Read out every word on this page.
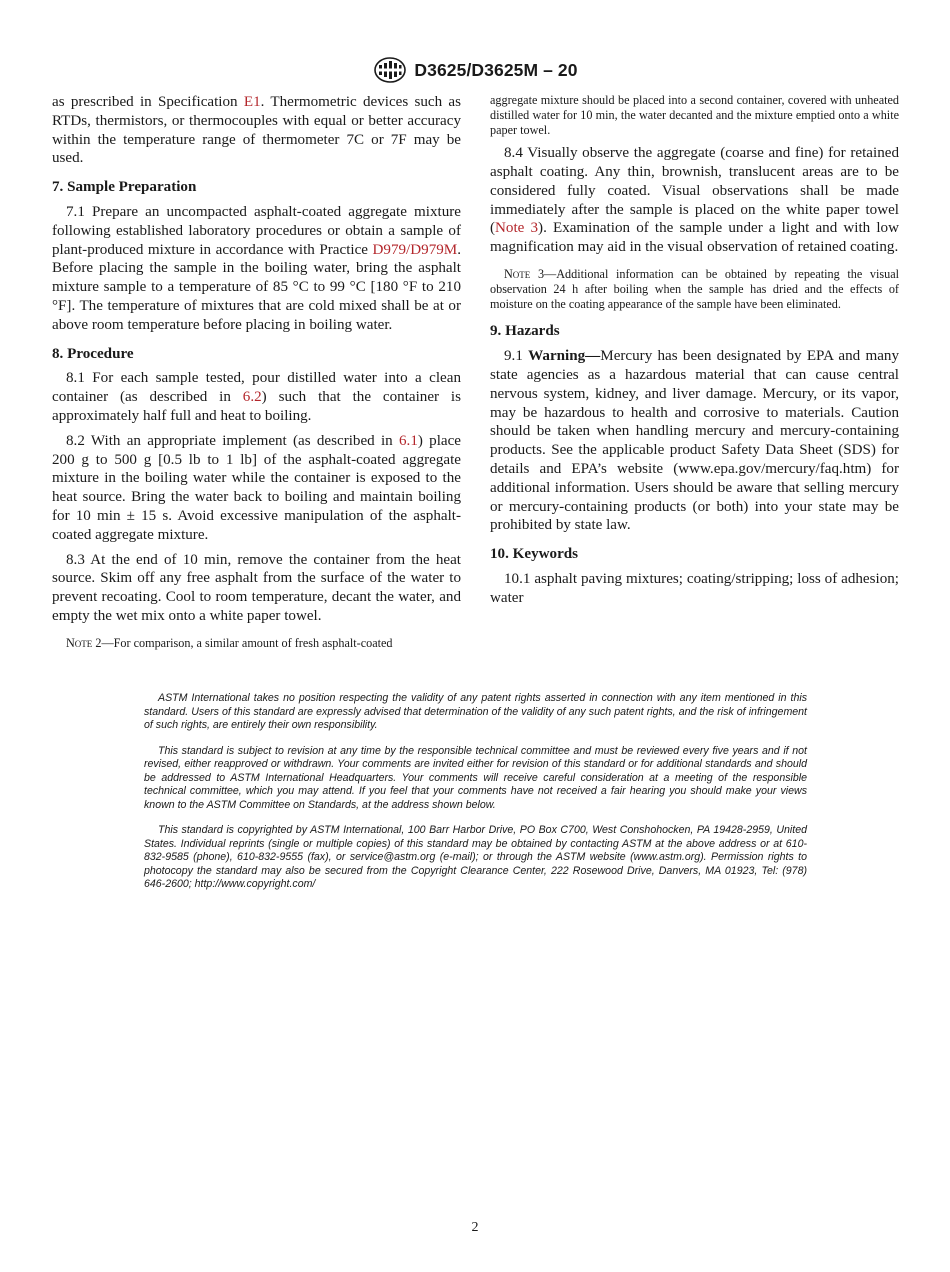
D3625/D3625M – 20

as prescribed in Specification E1. Thermometric devices such as RTDs, thermistors, or thermocouples with equal or better accuracy within the temperature range of thermometer 7C or 7F may be used.

7. Sample Preparation

7.1 Prepare an uncompacted asphalt-coated aggregate mixture following established laboratory procedures or obtain a sample of plant-produced mixture in accordance with Practice D979/D979M. Before placing the sample in the boiling water, bring the asphalt mixture sample to a temperature of 85 °C to 99 °C [180 °F to 210 °F]. The temperature of mixtures that are cold mixed shall be at or above room temperature before placing in boiling water.

8. Procedure

8.1 For each sample tested, pour distilled water into a clean container (as described in 6.2) such that the container is approximately half full and heat to boiling.

8.2 With an appropriate implement (as described in 6.1) place 200 g to 500 g [0.5 lb to 1 lb] of the asphalt-coated aggregate mixture in the boiling water while the container is exposed to the heat source. Bring the water back to boiling and maintain boiling for 10 min ± 15 s. Avoid excessive manipulation of the asphalt-coated aggregate mixture.

8.3 At the end of 10 min, remove the container from the heat source. Skim off any free asphalt from the surface of the water to prevent recoating. Cool to room temperature, decant the water, and empty the wet mix onto a white paper towel.

Note 2—For comparison, a similar amount of fresh asphalt-coated

aggregate mixture should be placed into a second container, covered with unheated distilled water for 10 min, the water decanted and the mixture emptied onto a white paper towel.

8.4 Visually observe the aggregate (coarse and fine) for retained asphalt coating. Any thin, brownish, translucent areas are to be considered fully coated. Visual observations shall be made immediately after the sample is placed on the white paper towel (Note 3). Examination of the sample under a light and with low magnification may aid in the visual observation of retained coating.

Note 3—Additional information can be obtained by repeating the visual observation 24 h after boiling when the sample has dried and the effects of moisture on the coating appearance of the sample have been eliminated.

9. Hazards

9.1 Warning—Mercury has been designated by EPA and many state agencies as a hazardous material that can cause central nervous system, kidney, and liver damage. Mercury, or its vapor, may be hazardous to health and corrosive to materials. Caution should be taken when handling mercury and mercury-containing products. See the applicable product Safety Data Sheet (SDS) for details and EPA’s website (www.epa.gov/mercury/faq.htm) for additional information. Users should be aware that selling mercury or mercury-containing products (or both) into your state may be prohibited by state law.

10. Keywords

10.1 asphalt paving mixtures; coating/stripping; loss of adhesion; water

ASTM International takes no position respecting the validity of any patent rights asserted in connection with any item mentioned in this standard. Users of this standard are expressly advised that determination of the validity of any such patent rights, and the risk of infringement of such rights, are entirely their own responsibility.

This standard is subject to revision at any time by the responsible technical committee and must be reviewed every five years and if not revised, either reapproved or withdrawn. Your comments are invited either for revision of this standard or for additional standards and should be addressed to ASTM International Headquarters. Your comments will receive careful consideration at a meeting of the responsible technical committee, which you may attend. If you feel that your comments have not received a fair hearing you should make your views known to the ASTM Committee on Standards, at the address shown below.

This standard is copyrighted by ASTM International, 100 Barr Harbor Drive, PO Box C700, West Conshohocken, PA 19428-2959, United States. Individual reprints (single or multiple copies) of this standard may be obtained by contacting ASTM at the above address or at 610-832-9585 (phone), 610-832-9555 (fax), or service@astm.org (e-mail); or through the ASTM website (www.astm.org). Permission rights to photocopy the standard may also be secured from the Copyright Clearance Center, 222 Rosewood Drive, Danvers, MA 01923, Tel: (978) 646-2600; http://www.copyright.com/

2
